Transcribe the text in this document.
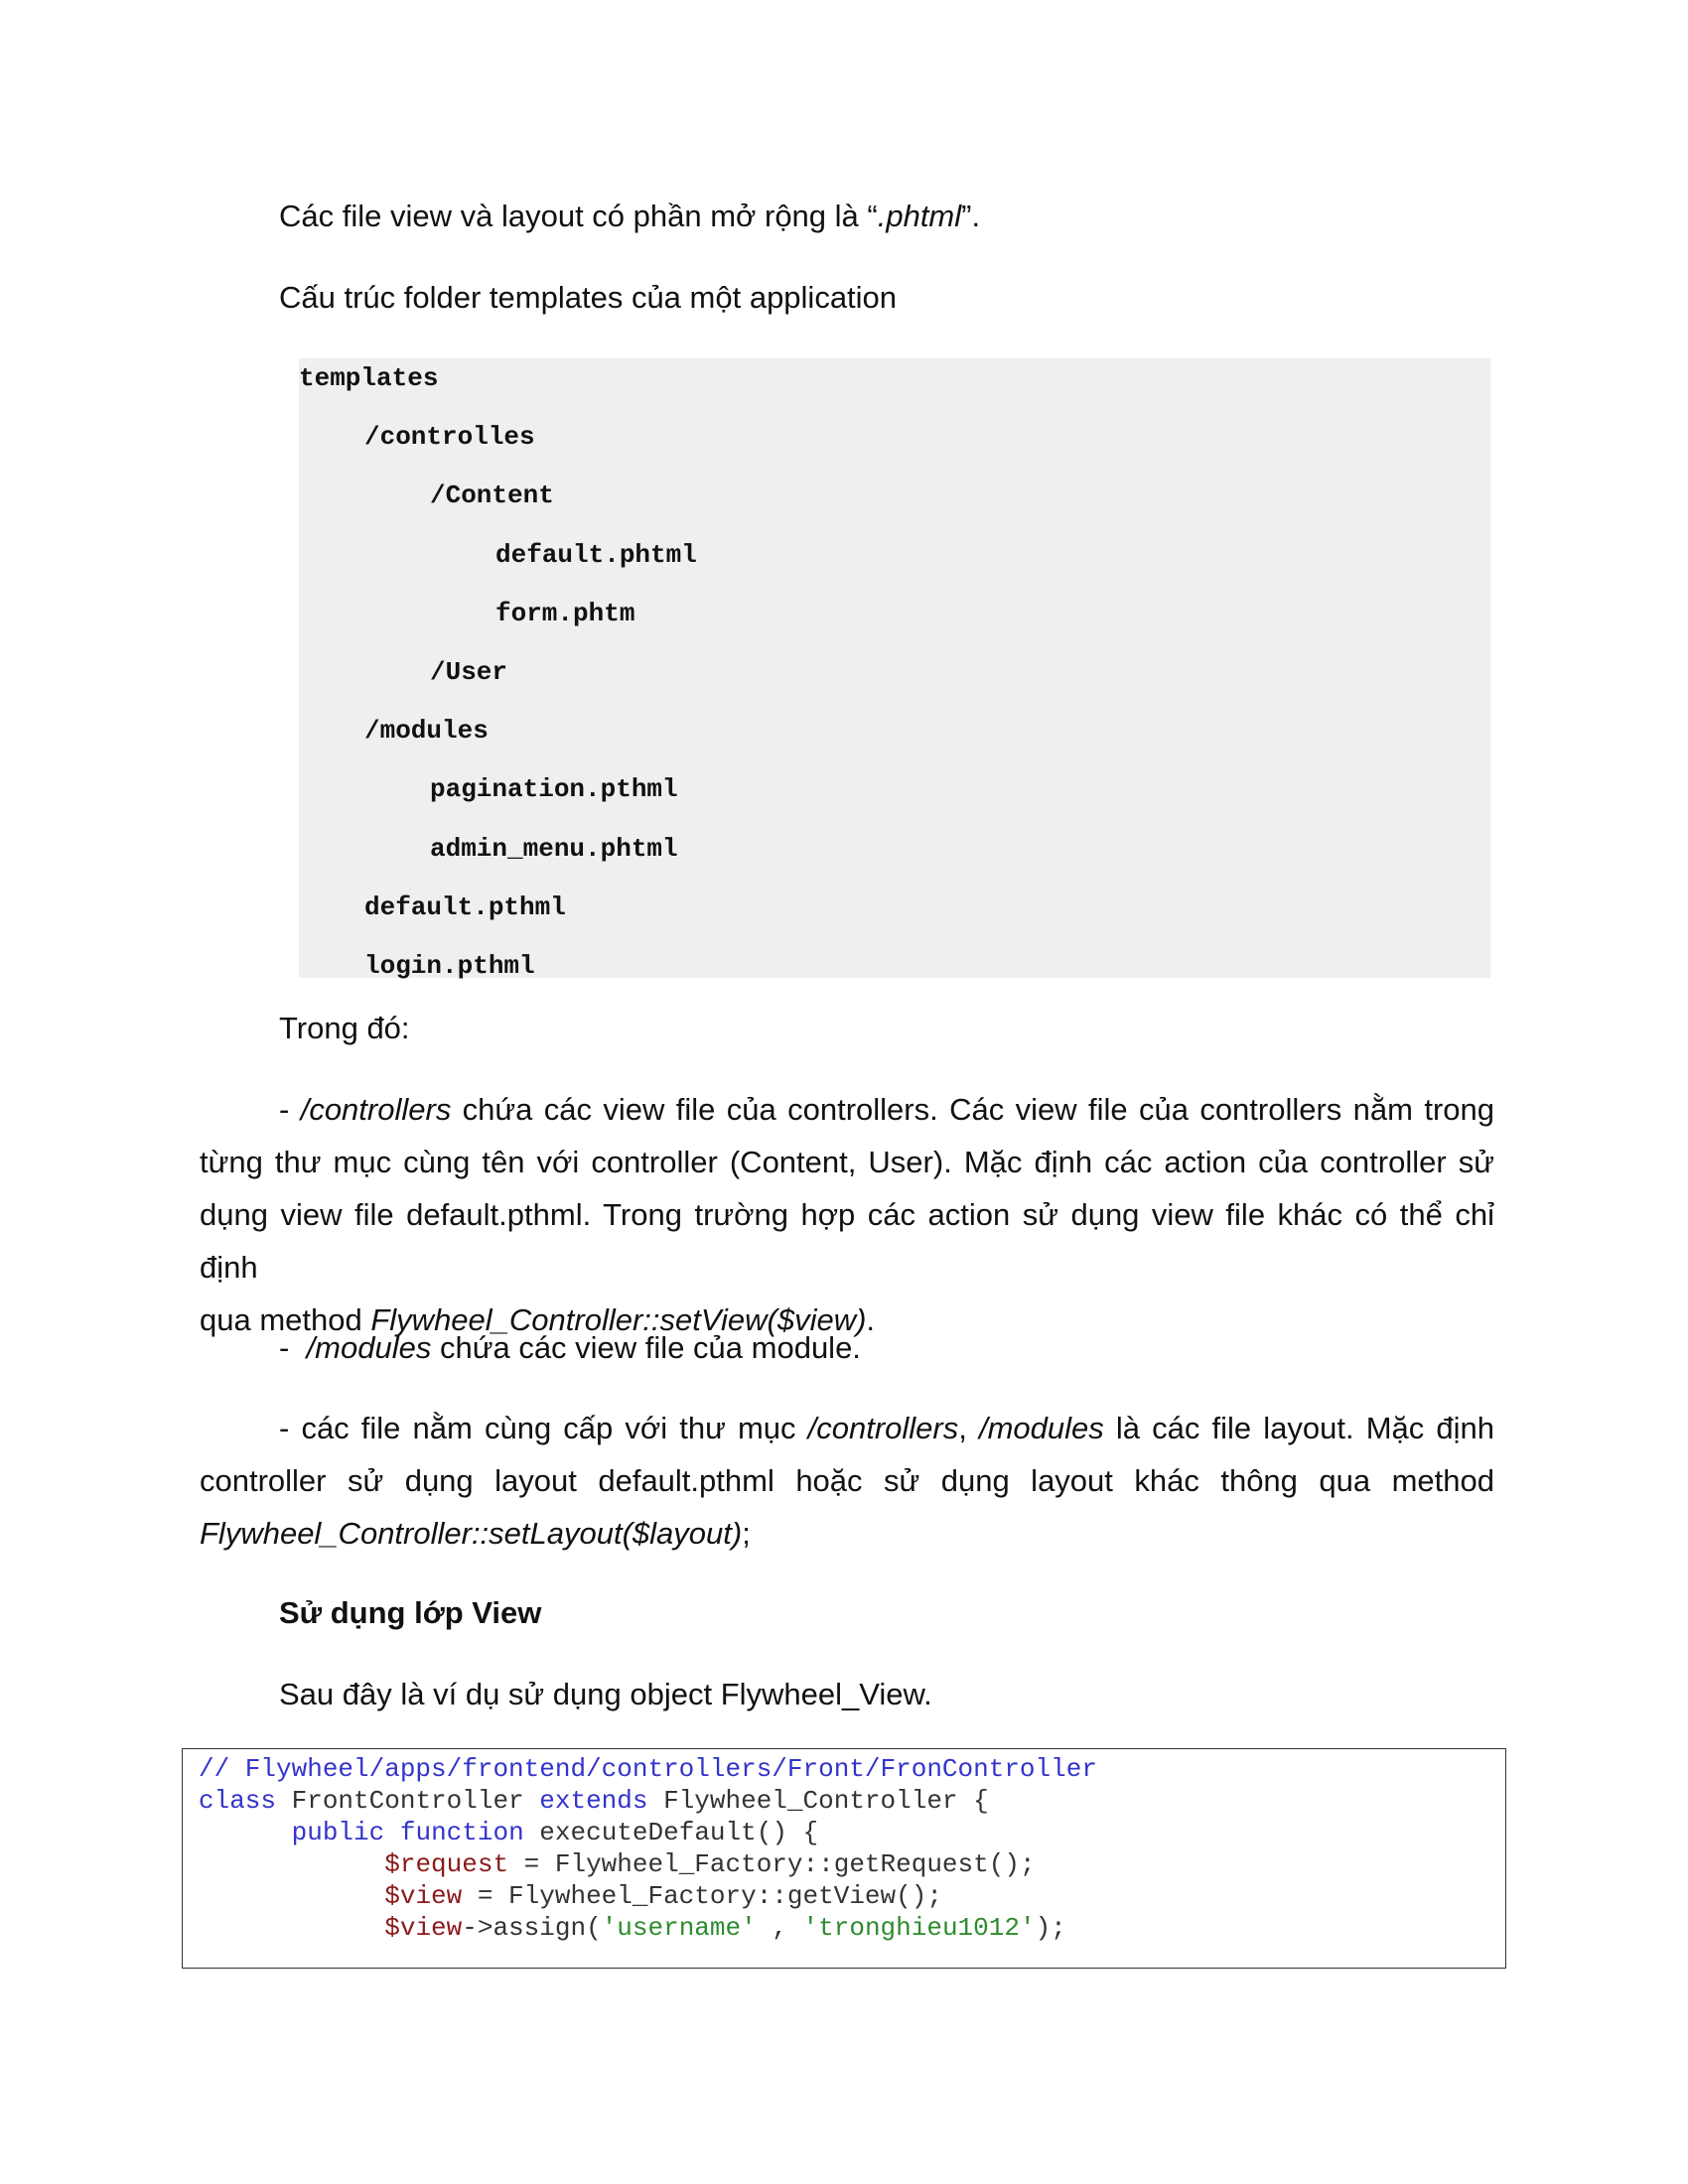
Các file view và layout có phần mở rộng là “.phtml”.

Cấu trúc folder templates của một application

templates
/controlles
/Content
default.phtml
form.phtm
/User
/modules
pagination.pthml
admin_menu.phtml
default.pthml
login.pthml

Trong đó:

- /controllers chứa các view file của controllers. Các view file của controllers nằm trong
từng thư mục cùng tên với controller (Content, User). Mặc định các action của controller sử
dụng view file default.pthml. Trong trường hợp các action sử dụng view file khác có thể chỉ định
qua method Flywheel_Controller::setView($view).

-  /modules chứa các view file của module.

- các file nằm cùng cấp với thư mục /controllers, /modules là các file layout. Mặc định
controller sử dụng layout default.pthml hoặc sử dụng layout khác thông qua method
Flywheel_Controller::setLayout($layout);

Sử dụng lớp View

Sau đây là ví dụ sử dụng object Flywheel_View.

// Flywheel/apps/frontend/controllers/Front/FronController
class FrontController extends Flywheel_Controller {
public function executeDefault() {
$request = Flywheel_Factory::getRequest();
$view = Flywheel_Factory::getView();
$view->assign('username' , 'tronghieu1012');
